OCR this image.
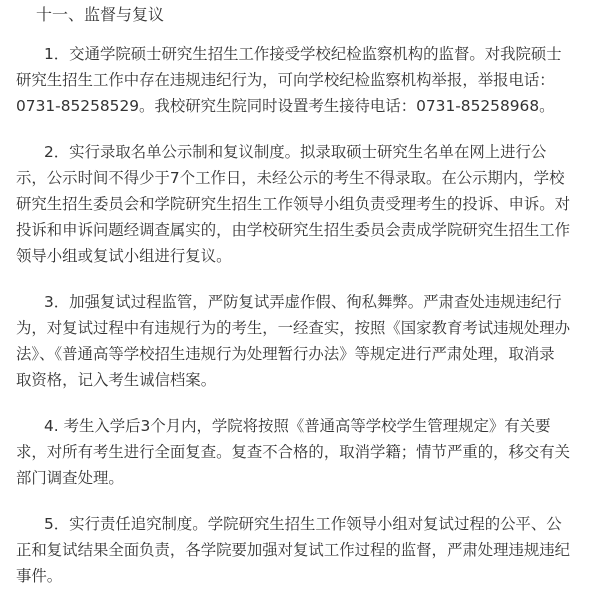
十一、监督与复议
1．交通学院硕士研究生招生工作接受学校纪检监察机构的监督。对我院硕士
研究生招生工作中存在违规违纪行为，可向学校纪检监察机构举报，举报电话：
0731-85258529。我校研究生院同时设置考生接待电话：0731-85258968。
2．实行录取名单公示制和复议制度。拟录取硕士研究生名单在网上进行公
示，公示时间不得少于7个工作日，未经公示的考生不得录取。在公示期内，学校
研究生招生委员会和学院研究生招生工作领导小组负责受理考生的投诉、申诉。对
投诉和申诉问题经调查属实的，由学校研究生招生委员会责成学院研究生招生工作
领导小组或复试小组进行复议。
3．加强复试过程监管，严防复试弄虚作假、徇私舞弊。严肃查处违规违纪行
为，对复试过程中有违规行为的考生，一经查实，按照《国家教育考试违规处理办
法》、《普通高等学校招生违规行为处理暂行办法》等规定进行严肃处理，取消录
取资格，记入考生诚信档案。
4. 考生入学后3个月内，学院将按照《普通高等学校学生管理规定》有关要
求，对所有考生进行全面复查。复查不合格的，取消学籍；情节严重的，移交有关
部门调查处理。
5．实行责任追究制度。学院研究生招生工作领导小组对复试过程的公平、公
正和复试结果全面负责，各学院要加强对复试工作过程的监督，严肃处理违规违纪
事件。
